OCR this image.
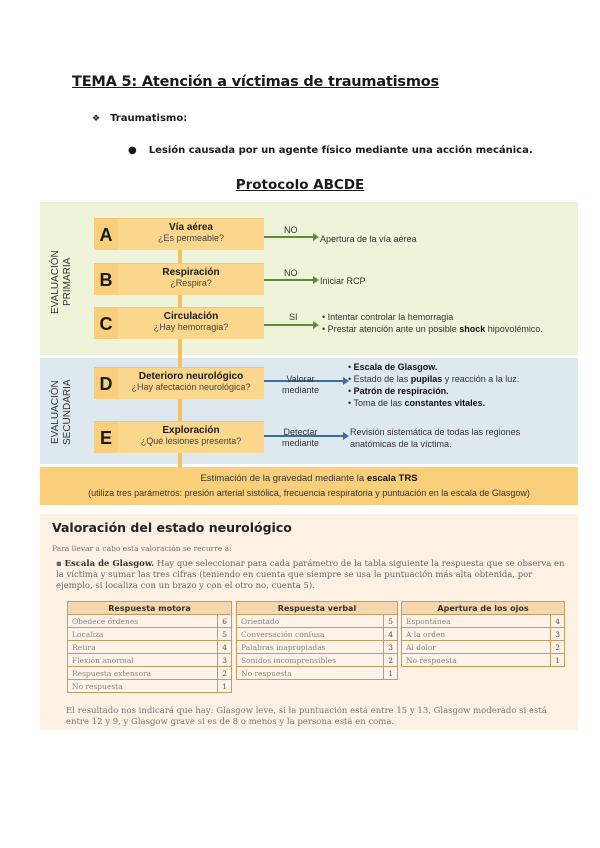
TEMA 5: Atención a víctimas de traumatismos
❖ Traumatismo:
● Lesión causada por un agente físico mediante una acción mecánica.
Protocolo ABCDE
EVALUACIÓN
PRIMARIA
EVALUACIÓN
SECUNDARIA
A	Vía aérea
¿Es permeable?
B	Respiración
¿Respira?
C	Circulación
¿Hay hemorragia?
D	Deterioro neurológico
¿Hay afectación neurológica?
E	Exploración
¿Qué lesiones presenta?
NO
Apertura de la vía aérea
NO
Iniciar RCP
SI	• Intentar controlar la hemorragia
• Prestar atención ante un posible shock hipovolémico.
Valorar
mediante
• Escala de Glasgow.
• Estado de las pupilas y reacción a la luz.
• Patrón de respiración.
• Toma de las constantes vitales.
Detectar
mediante
Revisión sistemática de todas las regiones
anatómicas de la víctima.
Estimación de la gravedad mediante la escala TRS
(utiliza tres parámetros: presión arterial sistólica, frecuencia respiratoria y puntuación en la escala de Glasgow)
Valoración del estado neurológico
Para llevar a cabo esta valoración se recurre a:
▪ Escala de Glasgow. Hay que seleccionar para cada parámetro de la tabla siguiente la respuesta que se observa en la víctima y sumar las tres cifras (teniendo en cuenta que siempre se usa la puntuación más alta obtenida, por ejemplo, si localiza con un brazo y con el otro no, cuenta 5).
El resultado nos indicará que hay: Glasgow leve, si la puntuación está entre 15 y 13, Glasgow moderado si está entre 12 y 9, y Glasgow grave si es de 8 o menos y la persona está en coma.
Respuesta motora	
Obedece órdenes	6
Localiza	5
Retira	4
Flexión anormal	3
Respuesta extensora	2
No respuesta	1
Respuesta verbal	
Orientado	5
Conversación confusa	4
Palabras inapropiadas	3
Sonidos incomprensibles	2
No respuesta	1
Apertura de los ojos	
Espontánea	4
A la orden	3
Al dolor	2
No respuesta	1
